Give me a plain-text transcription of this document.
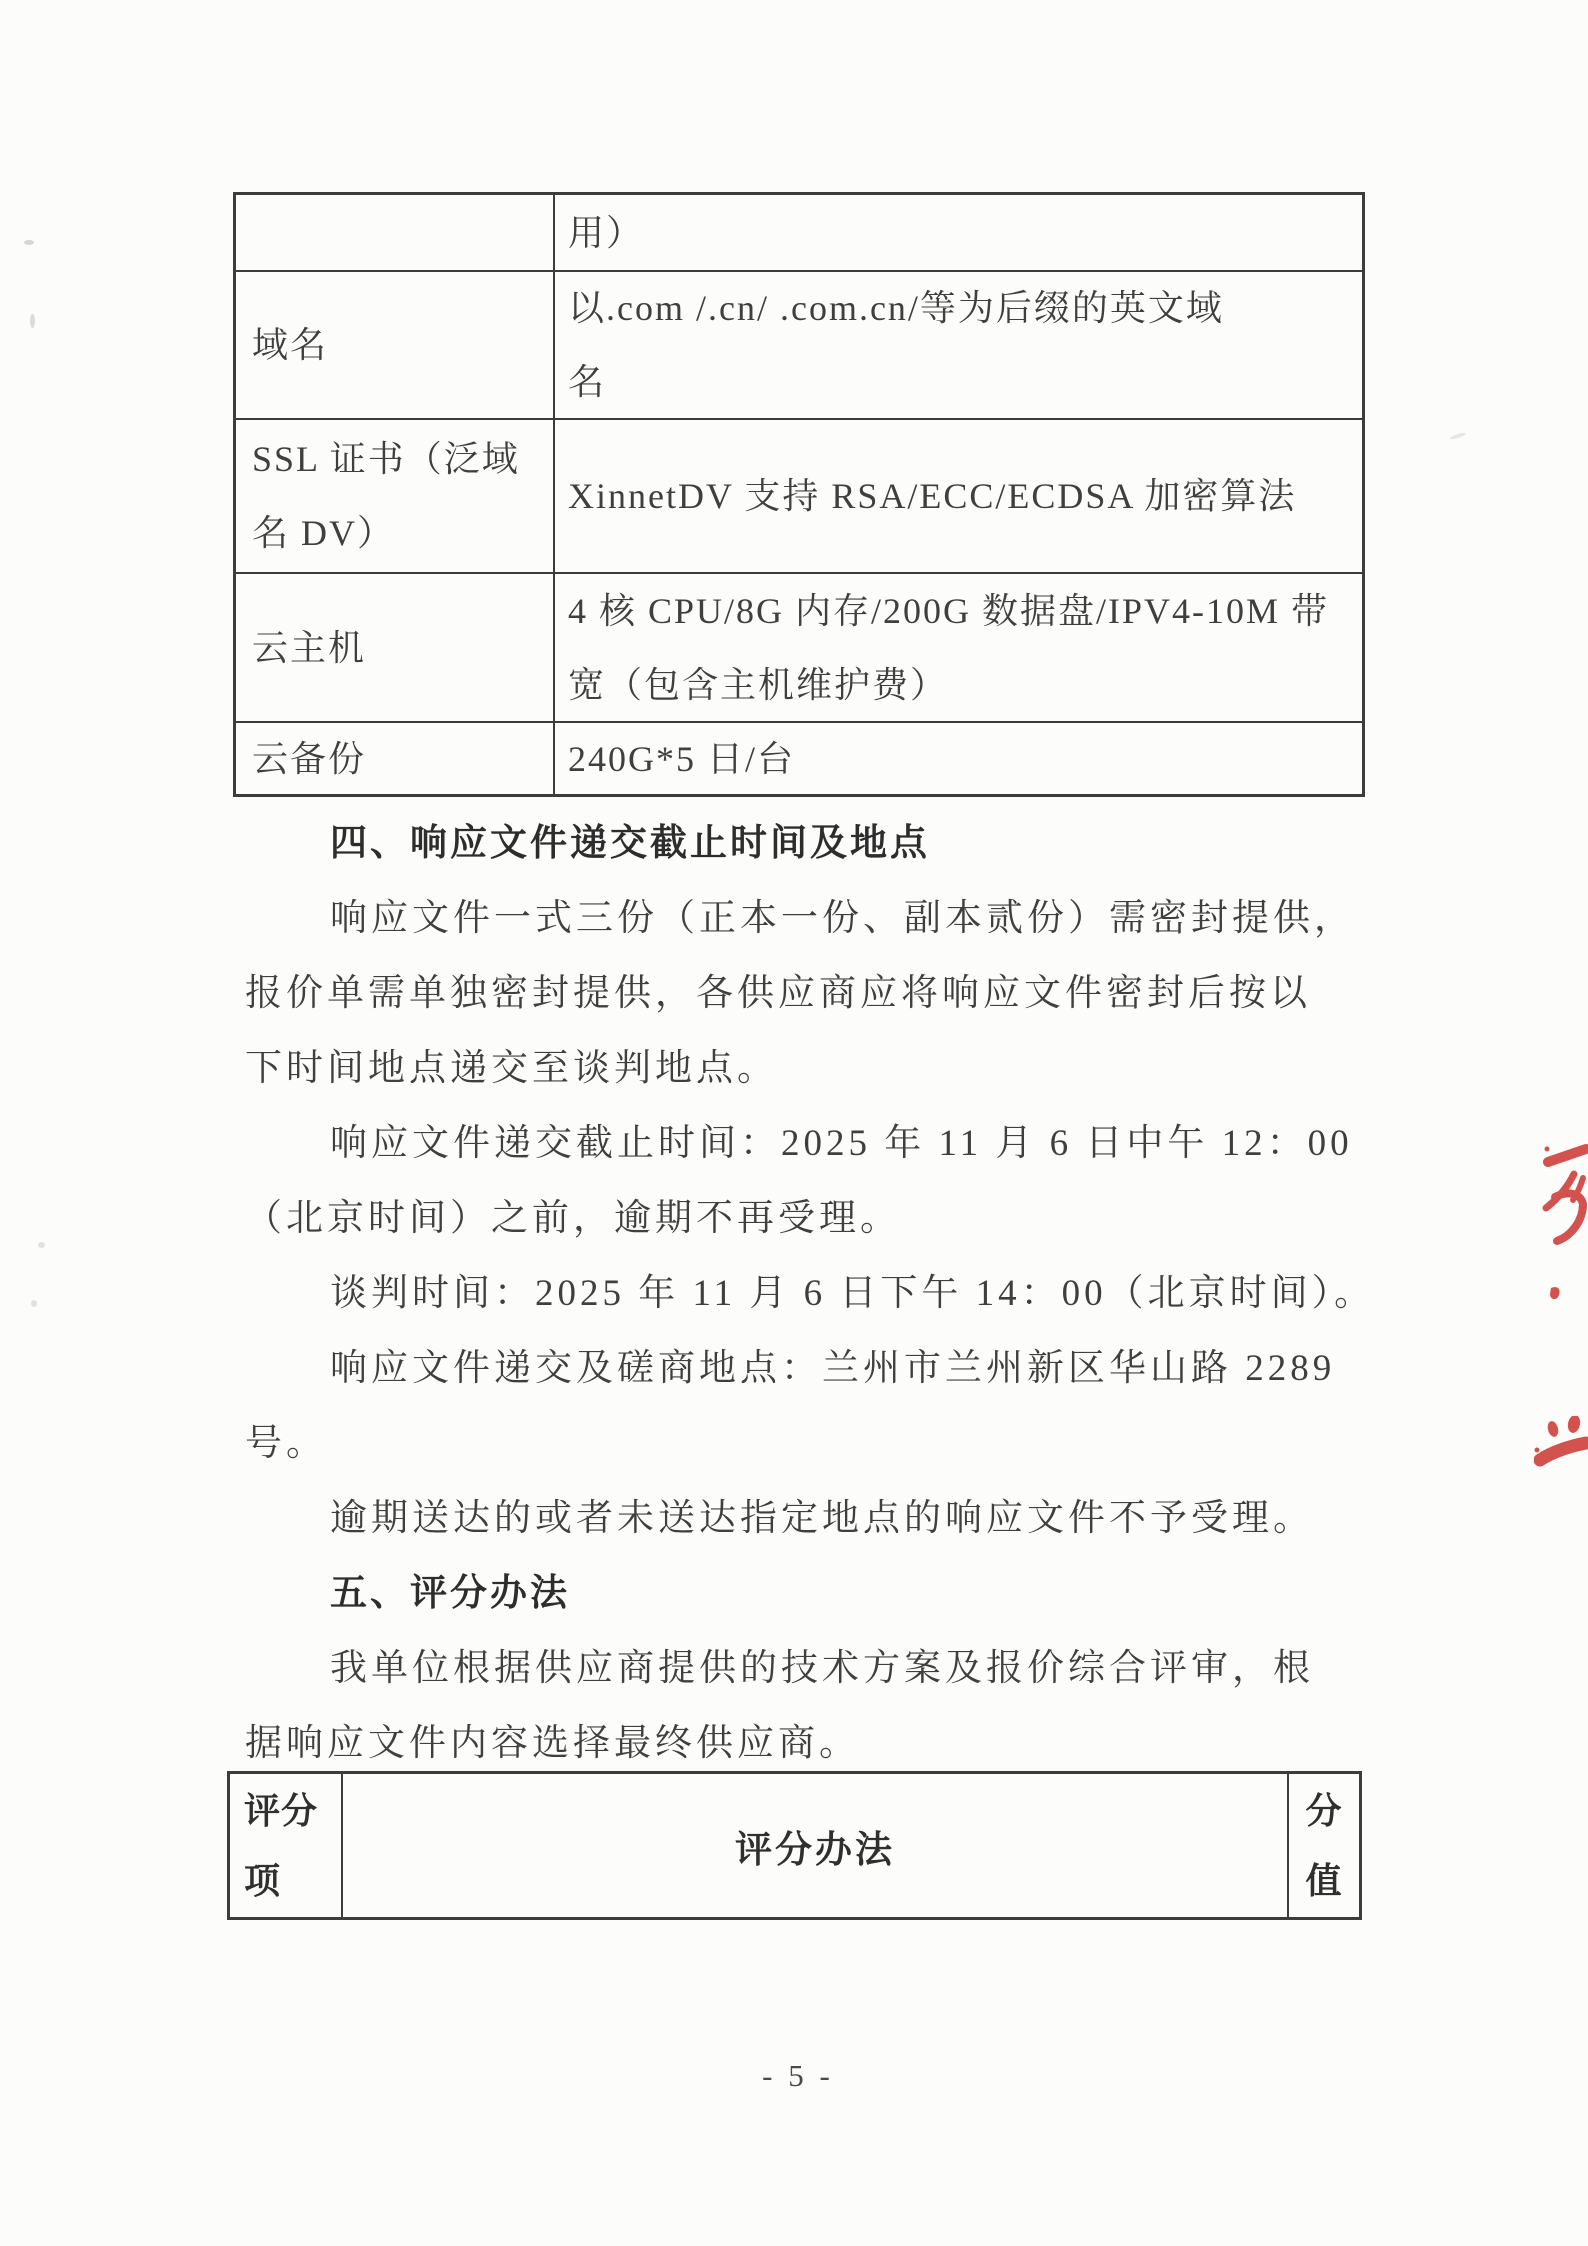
用）
域名
以.com /.cn/ .com.cn/等为后缀的英文域
名
SSL 证书（泛域
名 DV）
XinnetDV 支持 RSA/ECC/ECDSA 加密算法
云主机
4 核 CPU/8G 内存/200G 数据盘/IPV4-10M 带
宽（包含主机维护费）
云备份	240G*5 日/台
四、响应文件递交截止时间及地点
响应文件一式三份（正本一份、副本贰份）需密封提供，
报价单需单独密封提供，各供应商应将响应文件密封后按以
下时间地点递交至谈判地点。
响应文件递交截止时间：2025 年 11 月 6 日中午 12：00
（北京时间）之前，逾期不再受理。
谈判时间：2025 年 11 月 6 日下午 14：00（北京时间）。
响应文件递交及磋商地点：兰州市兰州新区华山路 2289
号。
逾期送达的或者未送达指定地点的响应文件不予受理。
五、评分办法
我单位根据供应商提供的技术方案及报价综合评审，根
据响应文件内容选择最终供应商。
评分
项
评分办法
分
值
- 5 -
